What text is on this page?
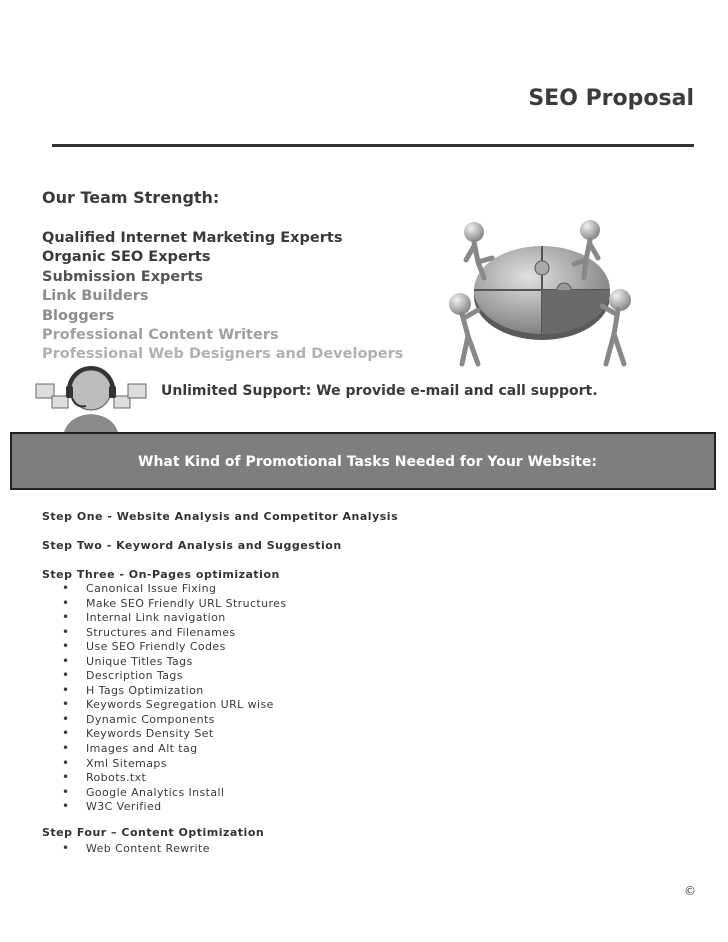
SEO Proposal
Our Team Strength:
Qualified Internet Marketing Experts
Organic SEO Experts
Submission Experts
Link Builders
Bloggers
Professional Content Writers
Professional Web Designers and Developers
Unlimited Support: We provide e-mail and call support.
What Kind of Promotional Tasks Needed for Your Website:
Step One - Website Analysis and Competitor Analysis
Step Two - Keyword Analysis and Suggestion
Step Three - On-Pages optimization
• Canonical Issue Fixing
• Make SEO Friendly URL Structures
• Internal Link navigation
• Structures and Filenames
• Use SEO Friendly Codes
• Unique Titles Tags
• Description Tags
• H Tags Optimization
• Keywords Segregation URL wise
• Dynamic Components
• Keywords Density Set
• Images and Alt tag
• Xml Sitemaps
• Robots.txt
• Google Analytics Install
• W3C Verified
Step Four – Content Optimization
• Web Content Rewrite
©
